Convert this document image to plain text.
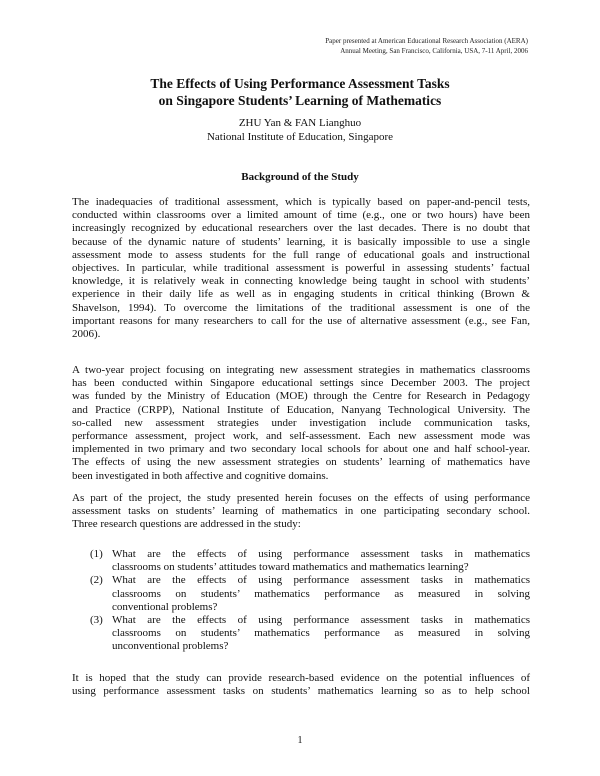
Paper presented at American Educational Research Association (AERA)
Annual Meeting, San Francisco, California, USA, 7-11 April, 2006
The Effects of Using Performance Assessment Tasks
on Singapore Students’ Learning of Mathematics
ZHU Yan & FAN Lianghuo
National Institute of Education, Singapore
Background of the Study
The inadequacies of traditional assessment, which is typically based on paper-and-pencil tests,
conducted within classrooms over a limited amount of time (e.g., one or two hours) have been
increasingly recognized by educational researchers over the last decades. There is no doubt that
because of the dynamic nature of students’ learning, it is basically impossible to use a single
assessment mode to assess students for the full range of educational goals and instructional
objectives. In particular, while traditional assessment is powerful in assessing students’ factual
knowledge, it is relatively weak in connecting knowledge being taught in school with students’
experience in their daily life as well as in engaging students in critical thinking (Brown &
Shavelson, 1994). To overcome the limitations of the traditional assessment is one of the
important reasons for many researchers to call for the use of alternative assessment (e.g., see Fan,
2006).
A two-year project focusing on integrating new assessment strategies in mathematics classrooms
has been conducted within Singapore educational settings since December 2003. The project
was funded by the Ministry of Education (MOE) through the Centre for Research in Pedagogy
and Practice (CRPP), National Institute of Education, Nanyang Technological University. The
so-called new assessment strategies under investigation include communication tasks,
performance assessment, project work, and self-assessment. Each new assessment mode was
implemented in two primary and two secondary local schools for about one and half school-year.
The effects of using the new assessment strategies on students’ learning of mathematics have
been investigated in both affective and cognitive domains.
As part of the project, the study presented herein focuses on the effects of using performance
assessment tasks on students’ learning of mathematics in one participating secondary school.
Three research questions are addressed in the study:
(1) What are the effects of using performance assessment tasks in mathematics
classrooms on students’ attitudes toward mathematics and mathematics learning?
(2) What are the effects of using performance assessment tasks in mathematics
classrooms on students’ mathematics performance as measured in solving
conventional problems?
(3) What are the effects of using performance assessment tasks in mathematics
classrooms on students’ mathematics performance as measured in solving
unconventional problems?
It is hoped that the study can provide research-based evidence on the potential influences of
using performance assessment tasks on students’ mathematics learning so as to help school
1
